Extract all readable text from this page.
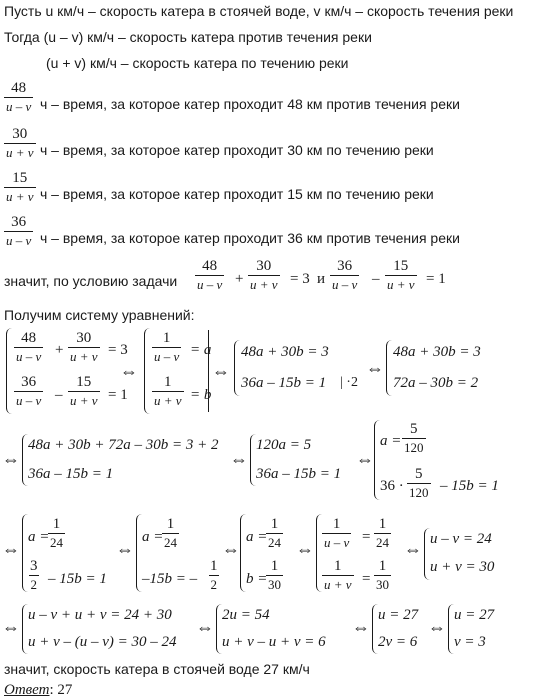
Пусть u км/ч – скорость катера в стоячей воде, v км/ч – скорость течения реки
Тогда (u – v) км/ч – скорость катера против течения реки
(u + v) км/ч – скорость катера по течению реки
$\frac{48}{u - v}$ ч – время, за которое катер проходит 48 км против течения реки
$\frac{30}{u + v}$ ч – время, за которое катер проходит 30 км по течению реки
$\frac{15}{u + v}$ ч – время, за которое катер проходит 15 км по течению реки
$\frac{36}{u - v}$ ч – время, за которое катер проходит 36 км против течения реки
значит, по условию задачи $\frac{48}{u - v} + \frac{30}{u + v} = 3$ и $\frac{36}{u - v} - \frac{15}{u + v} = 1$
Получим систему уравнений:
$\frac{48}{u - v} + \frac{30}{u + v} = 3$
$\frac{36}{u - v} - \frac{15}{u + v} = 1$
⇔
$\frac{1}{u - v} = a$
$\frac{1}{u + v} = b$
⇔
48a + 30b = 3
36a – 15b = 1 | ·2
⇔
48a + 30b = 3
72a – 30b = 2
⇔
48a + 30b + 72a – 30b = 3 + 2
36a – 15b = 1
⇔
120a = 5
36a – 15b = 1
⇔
$a = \frac{5}{120}$
$36 \cdot \frac{5}{120} - 15b = 1$
⇔
a =
$\frac{1}{24}$
$\frac{3}{2} - 15b = 1$
⇔
a =
$\frac{1}{24}$
–15b = – $\frac{1}{2}$
⇔
a =
$\frac{1}{24}$
b =
$\frac{1}{30}$
⇔ $\frac{1}{u - v} = \frac{1}{24}$
$\frac{1}{u + v} = \frac{1}{30}$
⇔ u – v = 24
u + v = 30
⇔
u – v + u + v = 24 + 30
u + v – (u – v) = 30 – 24
⇔
2u = 54
u + v – u + v = 6
⇔
u = 27
2v = 6
⇔
u = 27
v = 3
значит, скорость катера в стоячей воде 27 км/ч
Ответ: 27
